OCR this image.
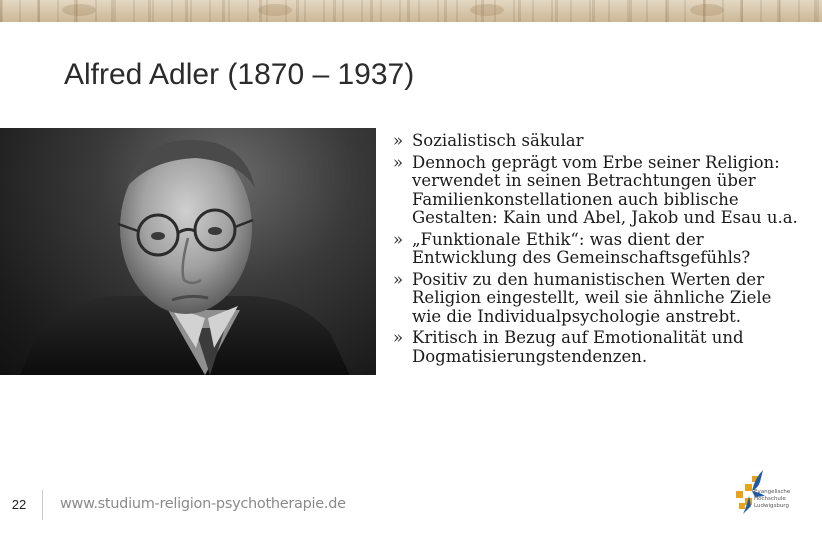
Alfred Adler (1870 – 1937)
» Sozialistisch säkular
» Dennoch geprägt vom Erbe seiner Religion: verwendet in seinen Betrachtungen über Familienkonstellationen auch biblische Gestalten: Kain und Abel, Jakob und Esau u.a.
» „Funktionale Ethik“: was dient der Entwicklung des Gemeinschaftsgefühls?
» Positiv zu den humanistischen Werten der Religion eingestellt, weil sie ähnliche Ziele wie die Individualpsychologie anstrebt.
» Kritisch in Bezug auf Emotionalität und Dogmatisierungstendenzen.
22	www.studium-religion-psychotherapie.de
Evangelische
Hochschule
Ludwigsburg
